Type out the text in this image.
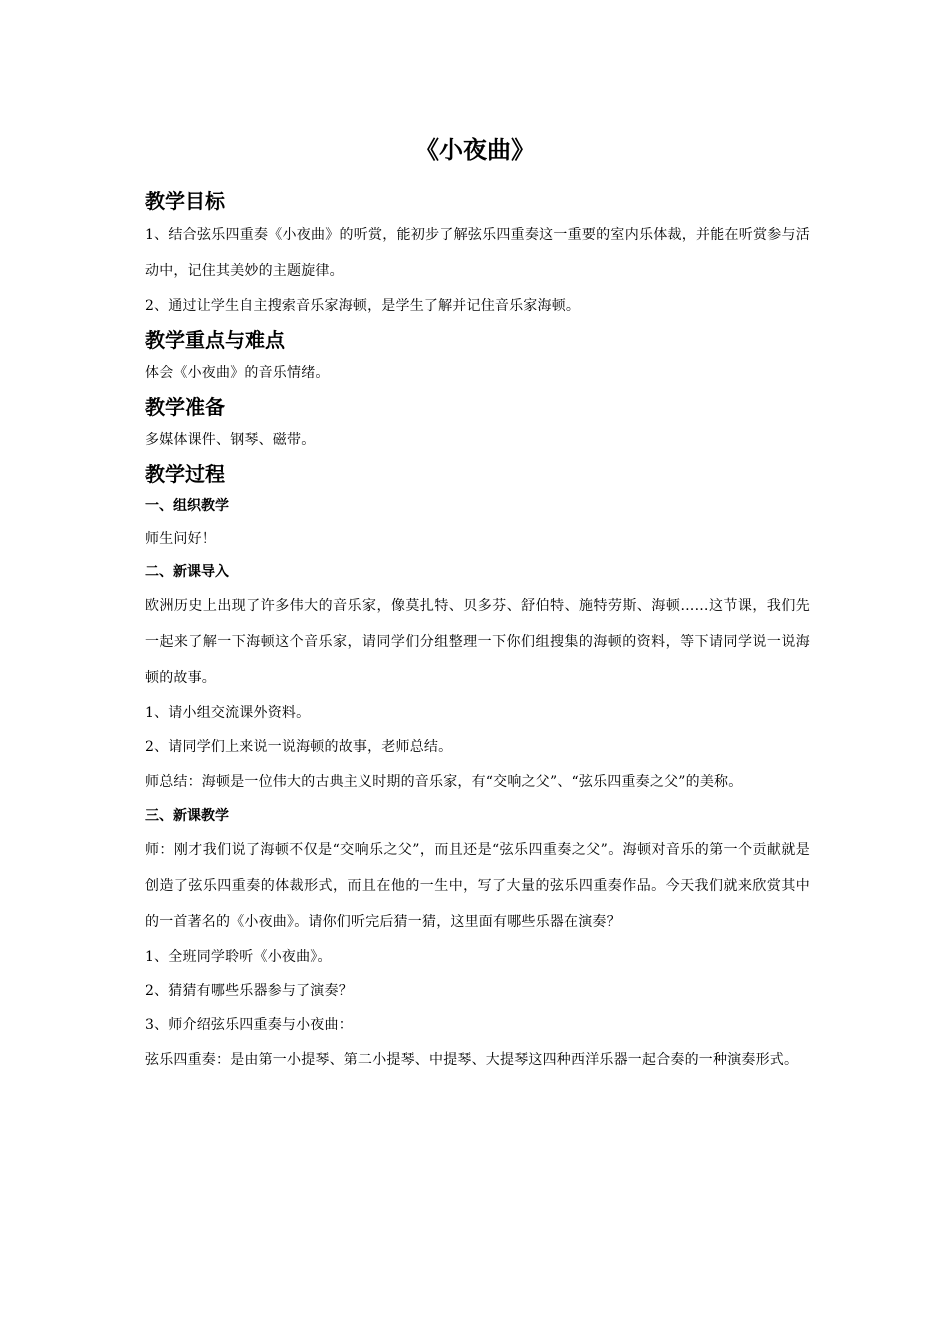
《小夜曲》
教学目标
1、结合弦乐四重奏《小夜曲》的听赏，能初步了解弦乐四重奏这一重要的室内乐体裁，并能在听赏参与活动中，记住其美妙的主题旋律。
2、通过让学生自主搜索音乐家海顿，是学生了解并记住音乐家海顿。
教学重点与难点
体会《小夜曲》的音乐情绪。
教学准备
多媒体课件、钢琴、磁带。
教学过程
一、组织教学
师生问好！
二、新课导入
欧洲历史上出现了许多伟大的音乐家，像莫扎特、贝多芬、舒伯特、施特劳斯、海顿……这节课，我们先一起来了解一下海顿这个音乐家，请同学们分组整理一下你们组搜集的海顿的资料，等下请同学说一说海顿的故事。
1、请小组交流课外资料。
2、请同学们上来说一说海顿的故事，老师总结。
师总结：海顿是一位伟大的古典主义时期的音乐家，有“交响之父”、“弦乐四重奏之父”的美称。
三、新课教学
师：刚才我们说了海顿不仅是“交响乐之父”，而且还是“弦乐四重奏之父”。海顿对音乐的第一个贡献就是创造了弦乐四重奏的体裁形式，而且在他的一生中，写了大量的弦乐四重奏作品。今天我们就来欣赏其中的一首著名的《小夜曲》。请你们听完后猜一猜，这里面有哪些乐器在演奏？
1、全班同学聆听《小夜曲》。
2、猜猜有哪些乐器参与了演奏？
3、师介绍弦乐四重奏与小夜曲：
弦乐四重奏：是由第一小提琴、第二小提琴、中提琴、大提琴这四种西洋乐器一起合奏的一种演奏形式。
